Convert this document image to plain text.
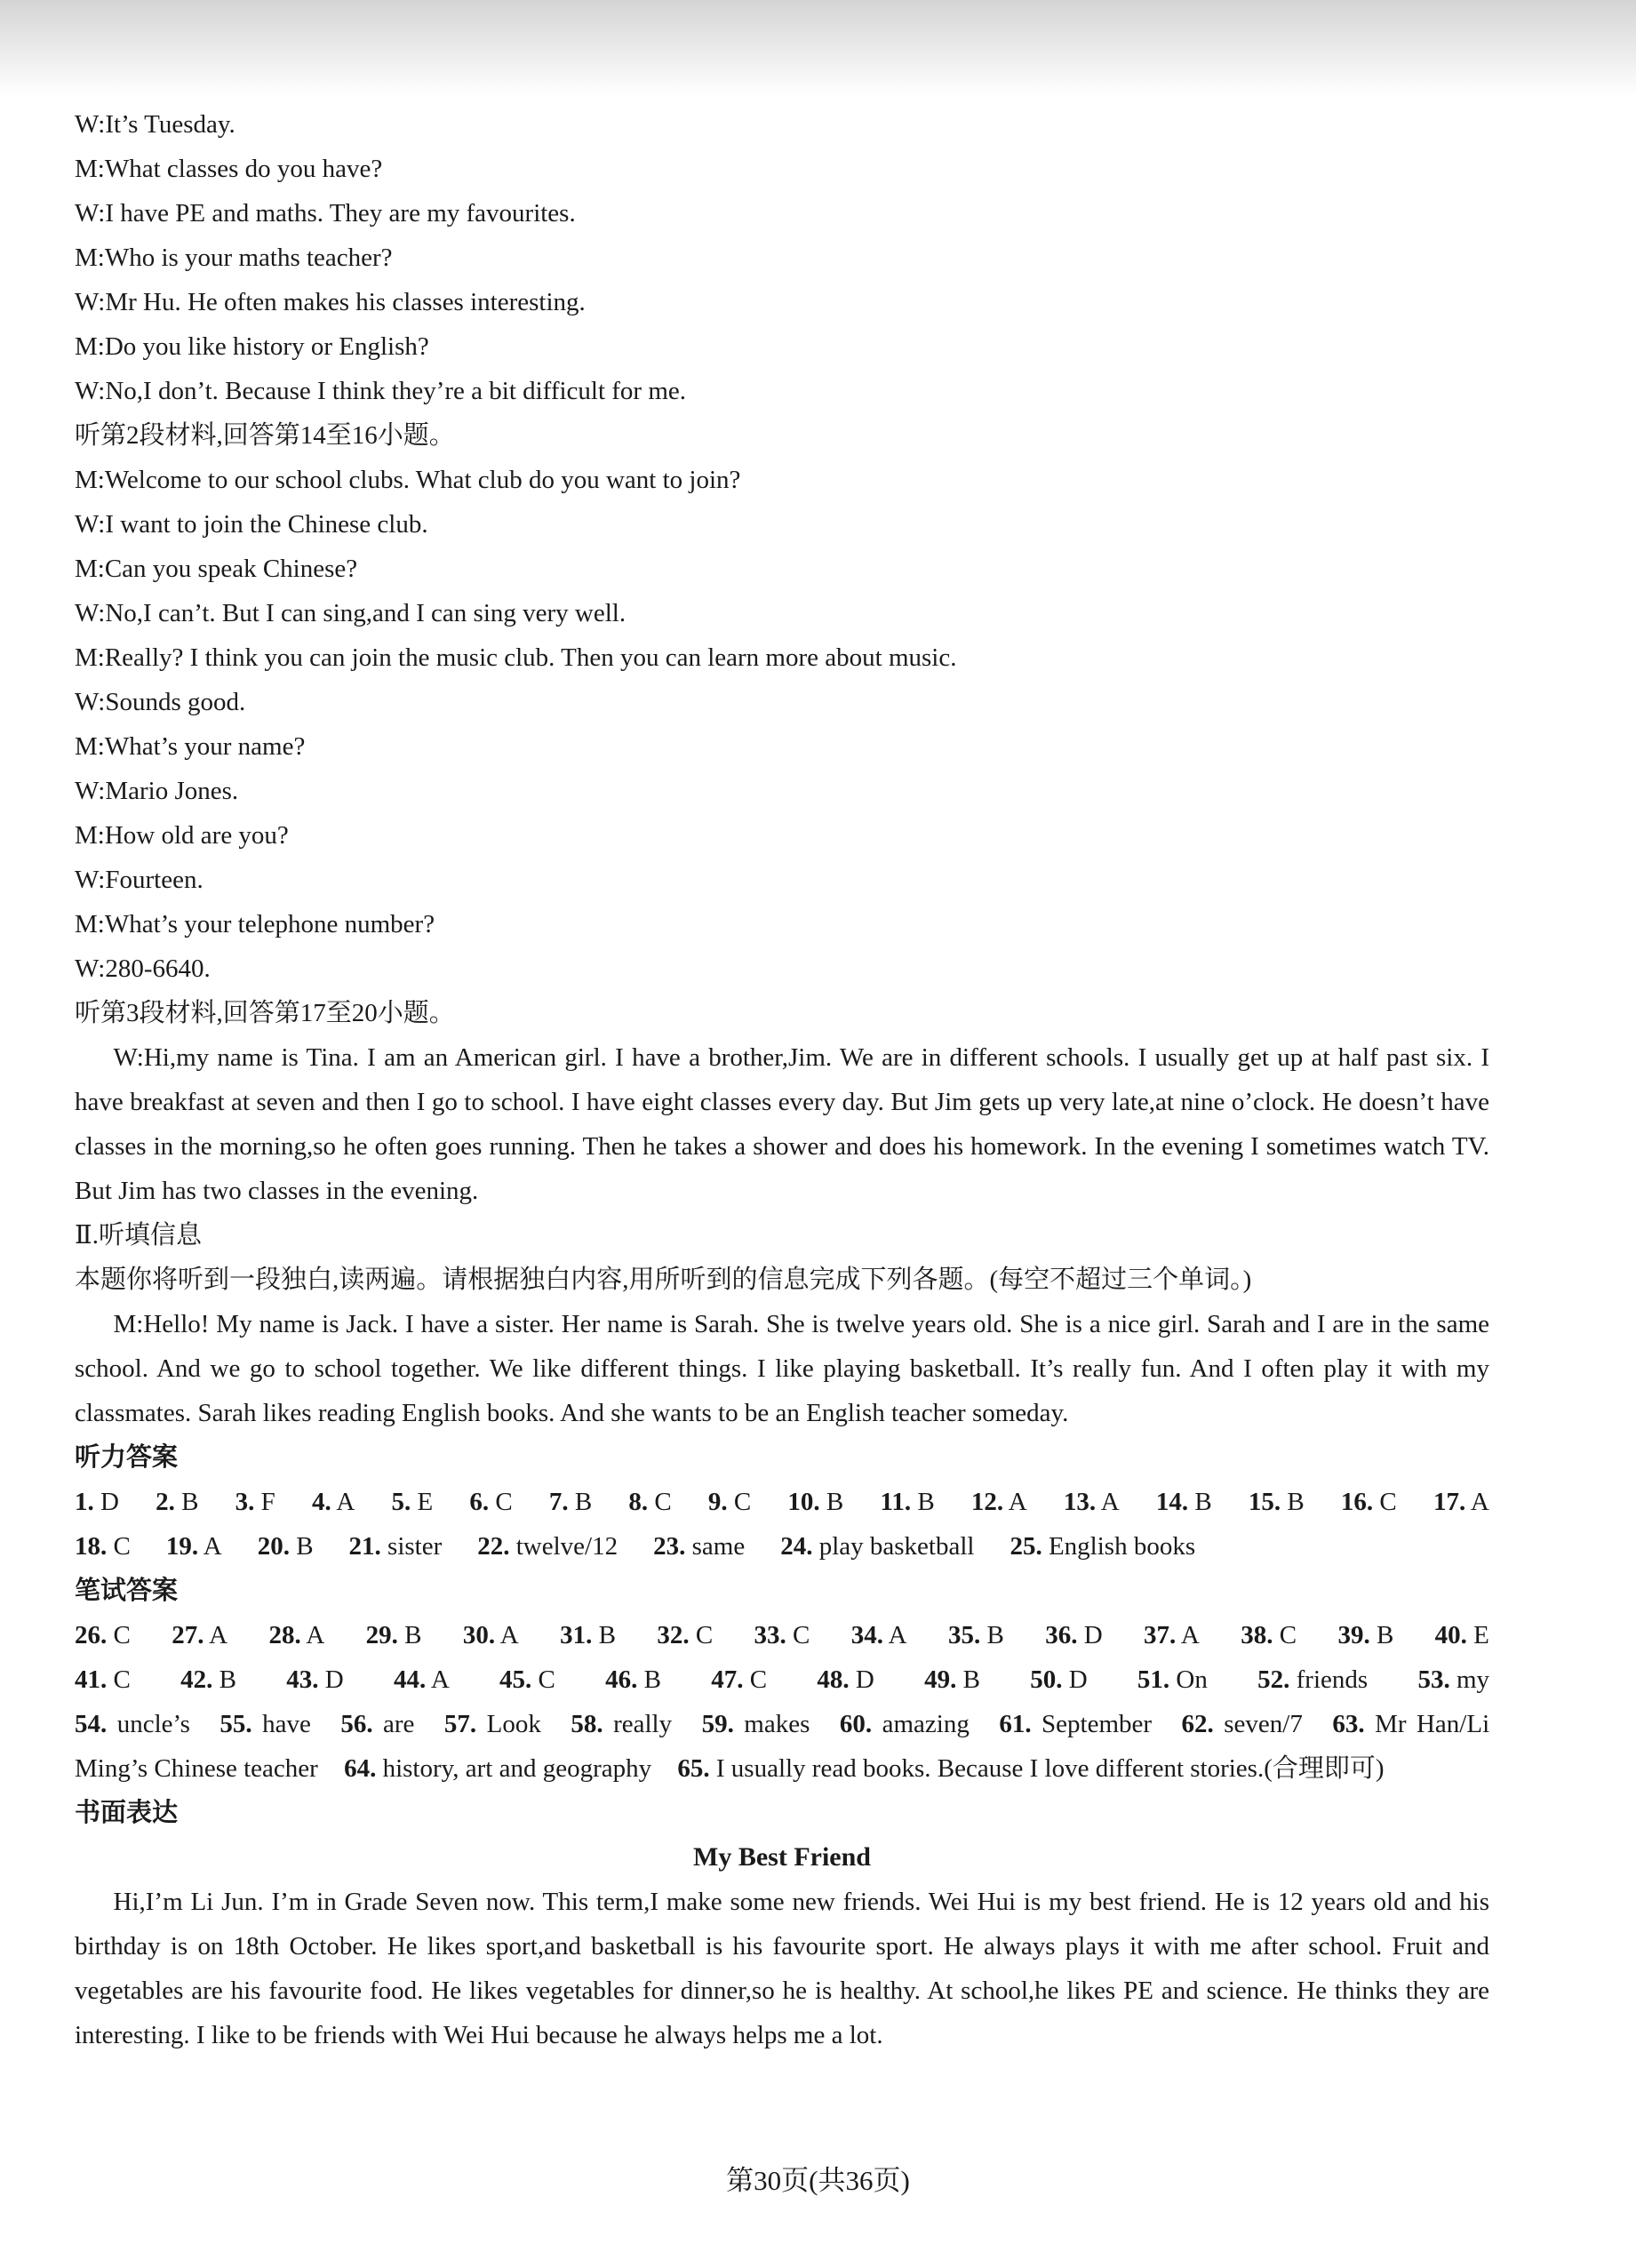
W:It’s Tuesday.
M:What classes do you have?
W:I have PE and maths. They are my favourites.
M:Who is your maths teacher?
W:Mr Hu. He often makes his classes interesting.
M:Do you like history or English?
W:No,I don’t. Because I think they’re a bit difficult for me.
听第2段材料,回答第14至16小题。
M:Welcome to our school clubs. What club do you want to join?
W:I want to join the Chinese club.
M:Can you speak Chinese?
W:No,I can’t. But I can sing,and I can sing very well.
M:Really? I think you can join the music club. Then you can learn more about music.
W:Sounds good.
M:What’s your name?
W:Mario Jones.
M:How old are you?
W:Fourteen.
M:What’s your telephone number?
W:280-6640.
听第3段材料,回答第17至20小题。
W:Hi,my name is Tina. I am an American girl. I have a brother,Jim. We are in different schools. I usually get up at half past six. I have breakfast at seven and then I go to school. I have eight classes every day. But Jim gets up very late,at nine o’clock. He doesn’t have classes in the morning,so he often goes running. Then he takes a shower and does his homework. In the evening I sometimes watch TV. But Jim has two classes in the evening.
Ⅱ.听填信息
本题你将听到一段独白,读两遍。请根据独白内容,用所听到的信息完成下列各题。(每空不超过三个单词。)
M:Hello! My name is Jack. I have a sister. Her name is Sarah. She is twelve years old. She is a nice girl. Sarah and I are in the same school. And we go to school together. We like different things. I like playing basketball. It’s really fun. And I often play it with my classmates. Sarah likes reading English books. And she wants to be an English teacher someday.
听力答案
1. D 2. B 3. F 4. A 5. E 6. C 7. B 8. C 9. C 10. B 11. B 12. A 13. A 14. B 15. B 16. C 17. A
18. C 19. A 20. B 21. sister 22. twelve/12 23. same 24. play basketball 25. English books
笔试答案
26. C 27. A 28. A 29. B 30. A 31. B 32. C 33. C 34. A 35. B 36. D 37. A 38. C 39. B 40. E
41. C 42. B 43. D 44. A 45. C 46. B 47. C 48. D 49. B 50. D 51. On 52. friends 53. my
54. uncle’s 55. have 56. are 57. Look 58. really 59. makes 60. amazing 61. September 62. seven/7 63. Mr Han/Li Ming’s Chinese teacher 64. history, art and geography 65. I usually read books. Because I love different stories.(合理即可)
书面表达
My Best Friend
Hi,I’m Li Jun. I’m in Grade Seven now. This term,I make some new friends. Wei Hui is my best friend. He is 12 years old and his birthday is on 18th October. He likes sport,and basketball is his favourite sport. He always plays it with me after school. Fruit and vegetables are his favourite food. He likes vegetables for dinner,so he is healthy. At school,he likes PE and science. He thinks they are interesting. I like to be friends with Wei Hui because he always helps me a lot.
第30页(共36页)
